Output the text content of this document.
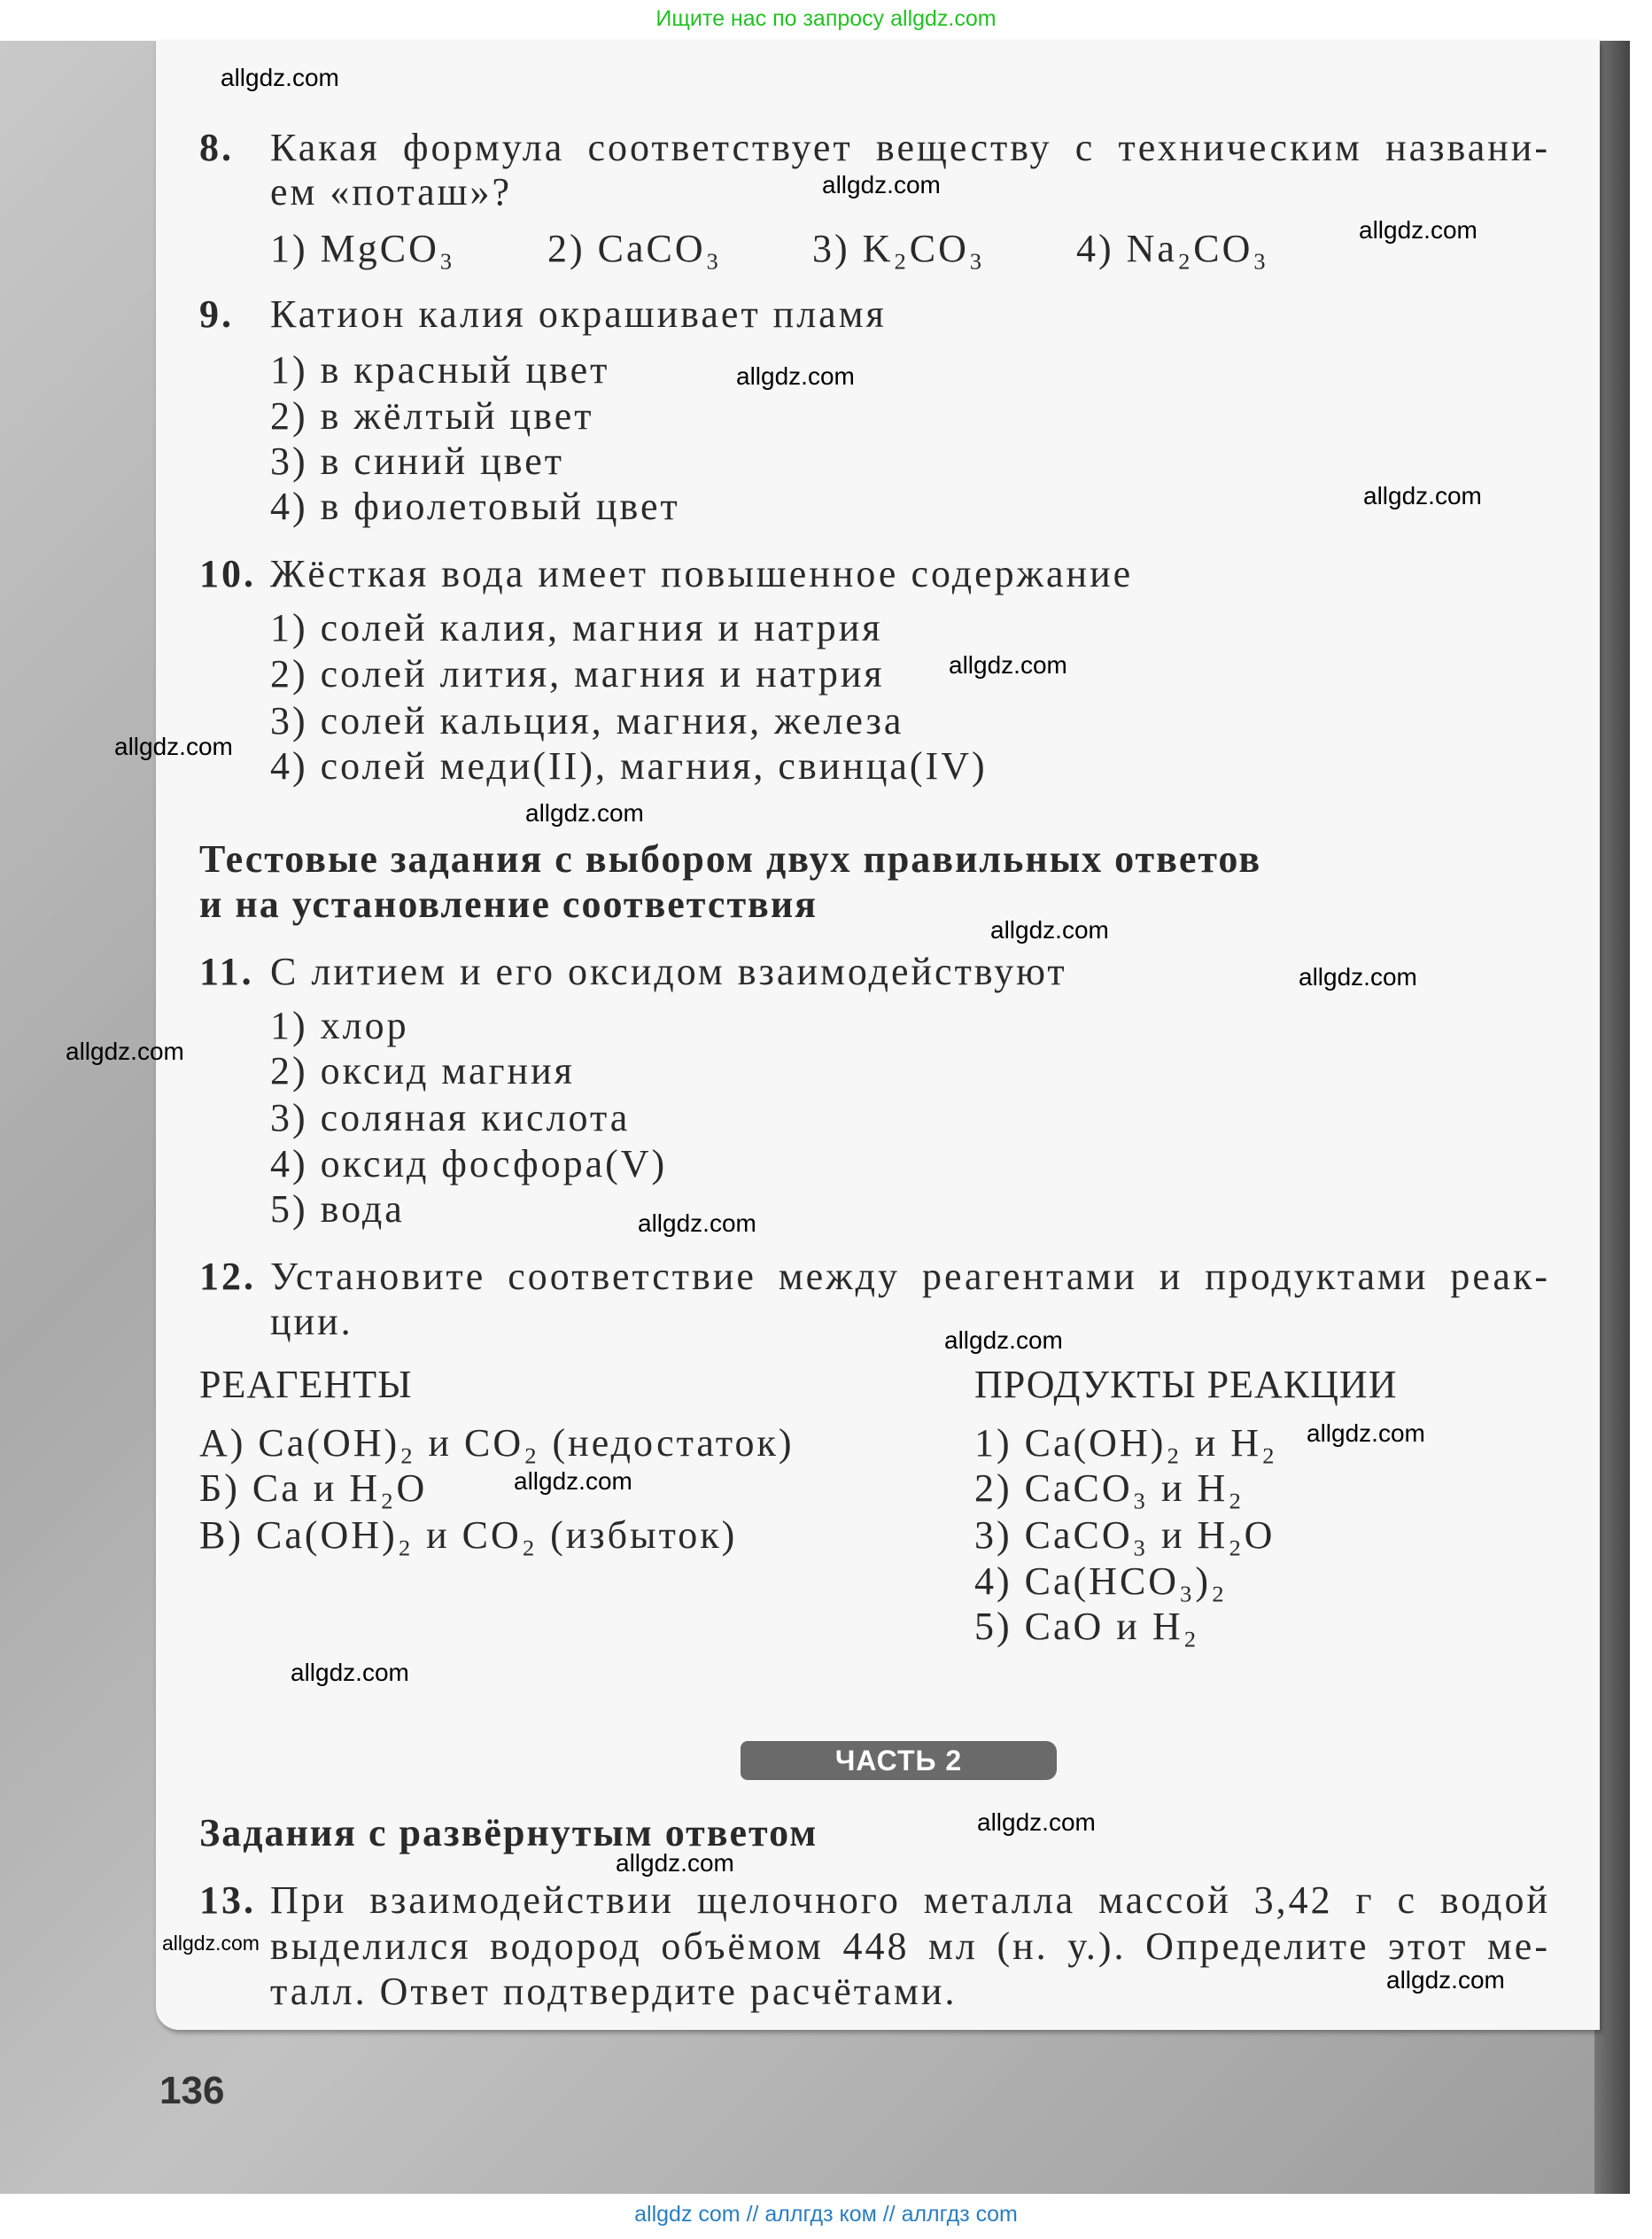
Ищите нас по запросу allgdz.com
136
8. Какая формула соответствует веществу с техническим названи-
ем «поташ»?
1) MgCO₃ 2) CaCO₃ 3) K₂CO₃ 4) Na₂CO₃
9. Катион калия окрашивает пламя
1) в красный цвет
2) в жёлтый цвет
3) в синий цвет
4) в фиолетовый цвет
10. Жёсткая вода имеет повышенное содержание
1) солей калия, магния и натрия
2) солей лития, магния и натрия
3) солей кальция, магния, железа
4) солей меди(II), магния, свинца(IV)
Тестовые задания с выбором двух правильных ответов
и на установление соответствия
11. С литием и его оксидом взаимодействуют
1) хлор
2) оксид магния
3) соляная кислота
4) оксид фосфора(V)
5) вода
12. Установите соответствие между реагентами и продуктами реак-
ции.
РЕАГЕНТЫ	ПРОДУКТЫ РЕАКЦИИ
А) Ca(OH)₂ и CO₂ (недостаток)
Б) Ca и H₂O
В) Ca(OH)₂ и CO₂ (избыток)
1) Ca(OH)₂ и H₂
2) CaCO₃ и H₂
3) CaCO₃ и H₂O
4) Ca(HCO₃)₂
5) CaO и H₂
ЧАСТЬ 2
Задания с развёрнутым ответом
13. При взаимодействии щелочного металла массой 3,42 г с водой
выделился водород объёмом 448 мл (н. у.). Определите этот ме-
талл. Ответ подтвердите расчётами.
allgdz.com
allgdz.com
allgdz.com
allgdz.com
allgdz.com
allgdz.com
allgdz.com
allgdz.com
allgdz.com
allgdz.com
allgdz.com
allgdz.com
allgdz.com
allgdz.com
allgdz.com
allgdz.com
allgdz.com
allgdz.com
allgdz.com
allgdz.com
allgdz com // аллгдз ком // аллгдз com
